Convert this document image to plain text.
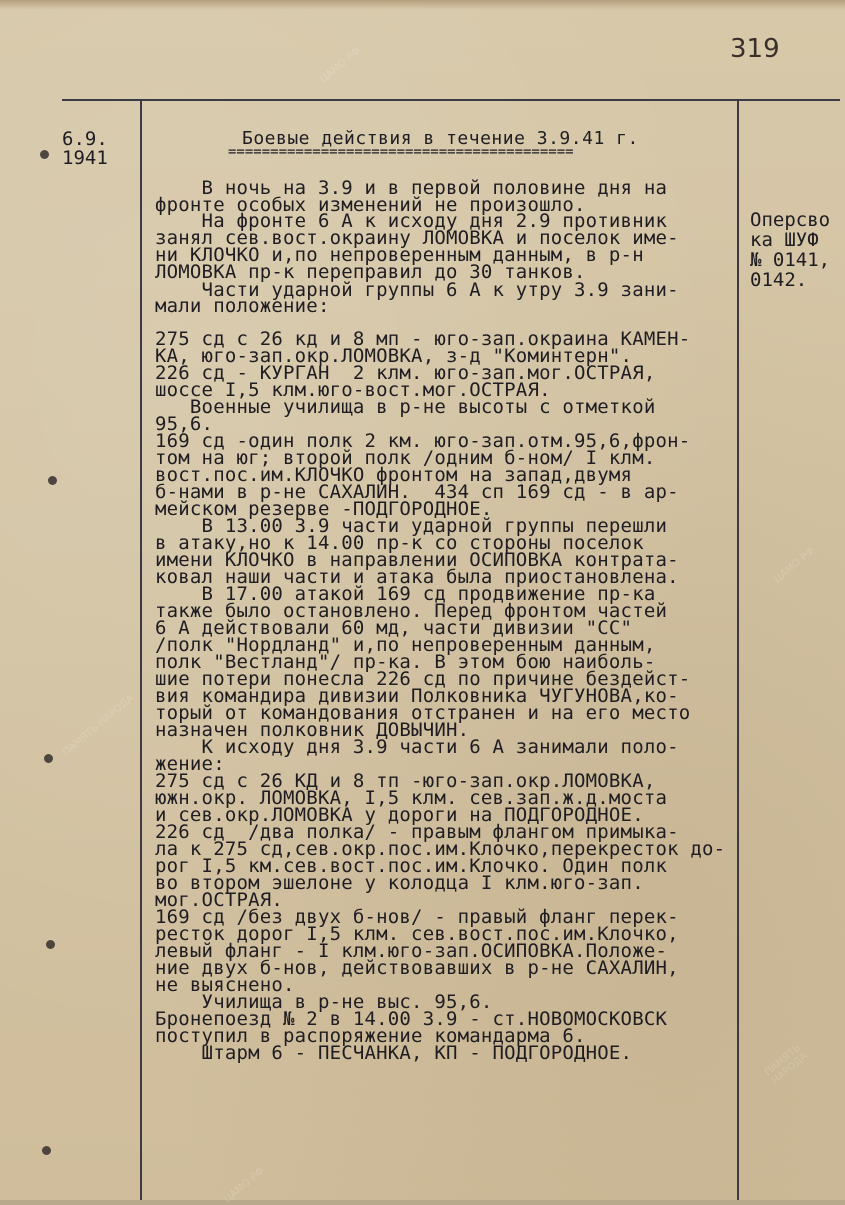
ЦАМО РФ
ПАМЯТЬ НАРОДА
ЦАМО РФ
ПАМЯТЬ НАРОДА
ЦАМО РФ
319
6.9.
1941
Боевые действия в течение 3.9.41 г.
=========================================
Оперсво
ка ШУФ
№ 0141,
0142.
В ночь на 3.9 и в первой половине дня на
фронте особых изменений не произошло.
На фронте 6 А к исходу дня 2.9 противник
занял сев.вост.окраину ЛОМОВКА и поселок име-
ни КЛОЧКО и,по непроверенным данным, в р-н
ЛОМОВКА пр-к переправил до 30 танков.
Части ударной группы 6 А к утру 3.9 зани-
мали положение:
275 сд с 26 кд и 8 мп - юго-зап.окраина КАМЕН-
КА, юго-зап.окр.ЛОМОВКА, з-д "Коминтерн".
226 сд - КУРГАН  2 клм. юго-зап.мог.ОСТРАЯ,
шоссе I,5 клм.юго-вост.мог.ОСТРАЯ.
Военные училища в р-не высоты с отметкой
95,6.
169 сд -один полк 2 км. юго-зап.отм.95,6,фрон-
том на юг; второй полк /одним б-ном/ I клм.
вост.пос.им.КЛОЧКО фронтом на запад,двумя
б-нами в р-не САХАЛИН.  434 сп 169 сд - в ар-
мейском резерве -ПОДГОРОДНОЕ.
В 13.00 3.9 части ударной группы перешли
в атаку,но к 14.00 пр-к со стороны поселок
имени КЛОЧКО в направлении ОСИПОВКА контрата-
ковал наши части и атака была приостановлена.
В 17.00 атакой 169 сд продвижение пр-ка
также было остановлено. Перед фронтом частей
6 А действовали 60 мд, части дивизии "СС"
/полк "Нордланд" и,по непроверенным данным,
полк "Вестланд"/ пр-ка. В этом бою наиболь-
шие потери понесла 226 сд по причине бездейст-
вия командира дивизии Полковника ЧУГУНОВА,ко-
торый от командования отстранен и на его место
назначен полковник ДОВЫЧИН.
К исходу дня 3.9 части 6 А занимали поло-
жение:
275 сд с 26 КД и 8 тп -юго-зап.окр.ЛОМОВКА,
южн.окр. ЛОМОВКА, I,5 клм. сев.зап.ж.д.моста
и сев.окр.ЛОМОВКА у дороги на ПОДГОРОДНОЕ.
226 сд  /два полка/ - правым флангом примыка-
ла к 275 сд,сев.окр.пос.им.Клочко,перекресток до-
рог I,5 км.сев.вост.пос.им.Клочко. Один полк
во втором эшелоне у колодца I клм.юго-зап.
мог.ОСТРАЯ.
169 сд /без двух б-нов/ - правый фланг перек-
ресток дорог I,5 клм. сев.вост.пос.им.Клочко,
левый фланг - I клм.юго-зап.ОСИПОВКА.Положе-
ние двух б-нов, действовавших в р-не САХАЛИН,
не выяснено.
Училища в р-не выс. 95,6.
Бронепоезд № 2 в 14.00 3.9 - ст.НОВОМОСКОВСК
поступил в распоряжение командарма 6.
Штарм 6 - ПЕСЧАНКА, КП - ПОДГОРОДНОЕ.
